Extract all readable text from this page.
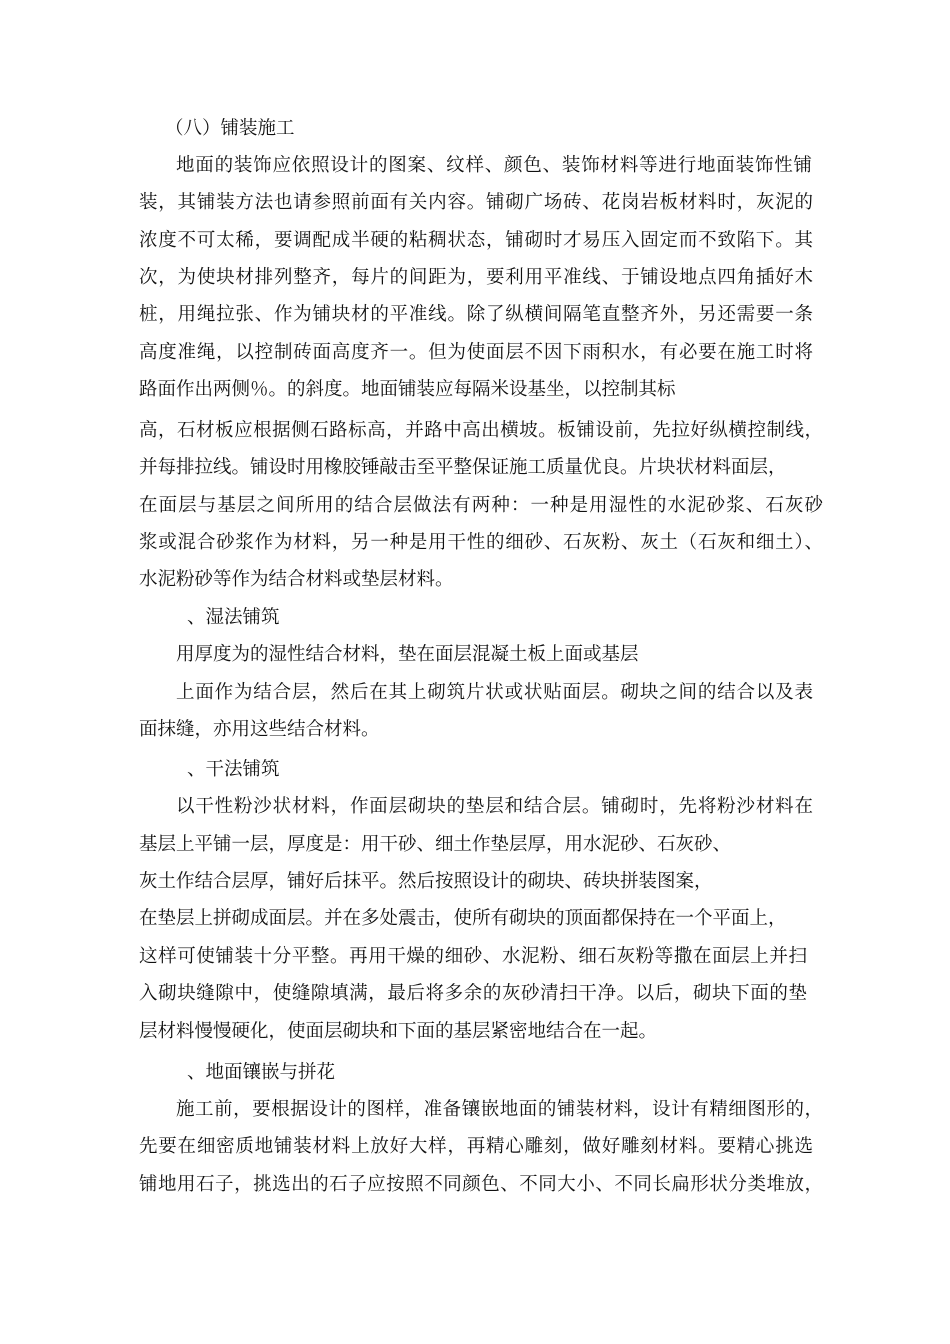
（八）铺装施工

地面的装饰应依照设计的图案、纹样、颜色、装饰材料等进行地面装饰性铺

装，其铺装方法也请参照前面有关内容。铺砌广场砖、花岗岩板材料时，灰泥的

浓度不可太稀，要调配成半硬的粘稠状态，铺砌时才易压入固定而不致陷下。其

次，为使块材排列整齐，每片的间距为，要利用平准线、于铺设地点四角插好木

桩，用绳拉张、作为铺块材的平准线。除了纵横间隔笔直整齐外，另还需要一条

高度准绳，以控制砖面高度齐一。但为使面层不因下雨积水，有必要在施工时将

路面作出两侧％。的斜度。地面铺装应每隔米设基坐，以控制其标

高，石材板应根据侧石路标高，并路中高出横坡。板铺设前，先拉好纵横控制线，

并每排拉线。铺设时用橡胶锤敲击至平整保证施工质量优良。片块状材料面层，

在面层与基层之间所用的结合层做法有两种：一种是用湿性的水泥砂浆、石灰砂

浆或混合砂浆作为材料，另一种是用干性的细砂、石灰粉、灰土（石灰和细土）、

水泥粉砂等作为结合材料或垫层材料。

、湿法铺筑

用厚度为的湿性结合材料，垫在面层混凝土板上面或基层

上面作为结合层，然后在其上砌筑片状或状贴面层。砌块之间的结合以及表

面抹缝，亦用这些结合材料。

、干法铺筑

以干性粉沙状材料，作面层砌块的垫层和结合层。铺砌时，先将粉沙材料在

基层上平铺一层，厚度是：用干砂、细土作垫层厚，用水泥砂、石灰砂、

灰土作结合层厚，铺好后抹平。然后按照设计的砌块、砖块拼装图案，

在垫层上拼砌成面层。并在多处震击，使所有砌块的顶面都保持在一个平面上，

这样可使铺装十分平整。再用干燥的细砂、水泥粉、细石灰粉等撒在面层上并扫

入砌块缝隙中，使缝隙填满，最后将多余的灰砂清扫干净。以后，砌块下面的垫

层材料慢慢硬化，使面层砌块和下面的基层紧密地结合在一起。

、地面镶嵌与拼花

施工前，要根据设计的图样，准备镶嵌地面的铺装材料，设计有精细图形的，

先要在细密质地铺装材料上放好大样，再精心雕刻，做好雕刻材料。要精心挑选

铺地用石子，挑选出的石子应按照不同颜色、不同大小、不同长扁形状分类堆放，
